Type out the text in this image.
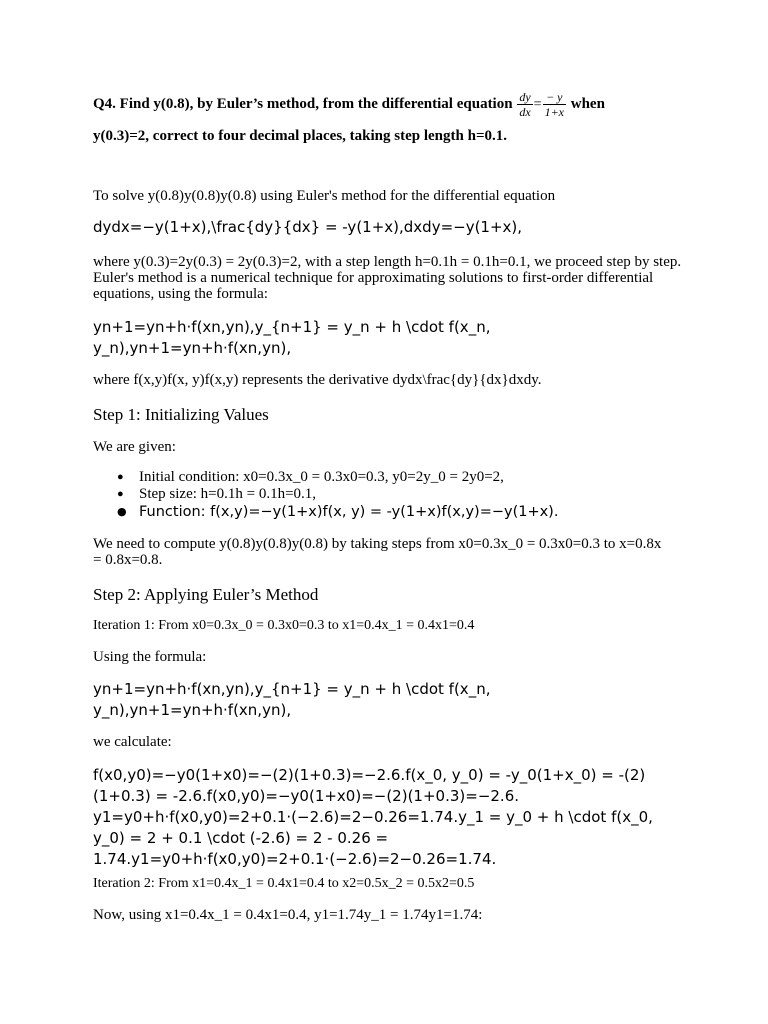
Q4. Find y(0.8), by Euler’s method, from the differential equation $\frac{dy}{dx} = \frac{- y}{1+x}$ when

y(0.3)=2, correct to four decimal places, taking step length h=0.1.

To solve y(0.8)y(0.8)y(0.8) using Euler's method for the differential equation

dydx=−y(1+x),\frac{dy}{dx} = -y(1+x),dxdy=−y(1+x),

where y(0.3)=2y(0.3) = 2y(0.3)=2, with a step length h=0.1h = 0.1h=0.1, we proceed step by step. Euler's method is a numerical technique for approximating solutions to first-order differential equations, using the formula:

yn+1=yn+h·f(xn,yn),y_{n+1} = y_n + h \cdot f(x_n, y_n),yn+1=yn+h·f(xn,yn),

where f(x,y)f(x, y)f(x,y) represents the derivative dydx\frac{dy}{dx}dxdy.

Step 1: Initializing Values

We are given:

● Initial condition: x0=0.3x_0 = 0.3x0=0.3, y0=2y_0 = 2y0=2,
● Step size: h=0.1h = 0.1h=0.1,
● Function: f(x,y)=−y(1+x)f(x, y) = -y(1+x)f(x,y)=−y(1+x).

We need to compute y(0.8)y(0.8)y(0.8) by taking steps from x0=0.3x_0 = 0.3x0=0.3 to x=0.8x = 0.8x=0.8.

Step 2: Applying Euler’s Method

Iteration 1: From x0=0.3x_0 = 0.3x0=0.3 to x1=0.4x_1 = 0.4x1=0.4

Using the formula:

yn+1=yn+h·f(xn,yn),y_{n+1} = y_n + h \cdot f(x_n, y_n),yn+1=yn+h·f(xn,yn),

we calculate:

f(x0,y0)=−y0(1+x0)=−(2)(1+0.3)=−2.6.f(x_0, y_0) = -y_0(1+x_0) = -(2)(1+0.3) = -2.6.f(x0,y0)=−y0(1+x0)=−(2)(1+0.3)=−2.6. y1=y0+h·f(x0,y0)=2+0.1·(−2.6)=2−0.26=1.74.y_1 = y_0 + h \cdot f(x_0, y_0) = 2 + 0.1 \cdot (-2.6) = 2 - 0.26 = 1.74.y1=y0+h·f(x0,y0)=2+0.1·(−2.6)=2−0.26=1.74.

Iteration 2: From x1=0.4x_1 = 0.4x1=0.4 to x2=0.5x_2 = 0.5x2=0.5

Now, using x1=0.4x_1 = 0.4x1=0.4, y1=1.74y_1 = 1.74y1=1.74:
